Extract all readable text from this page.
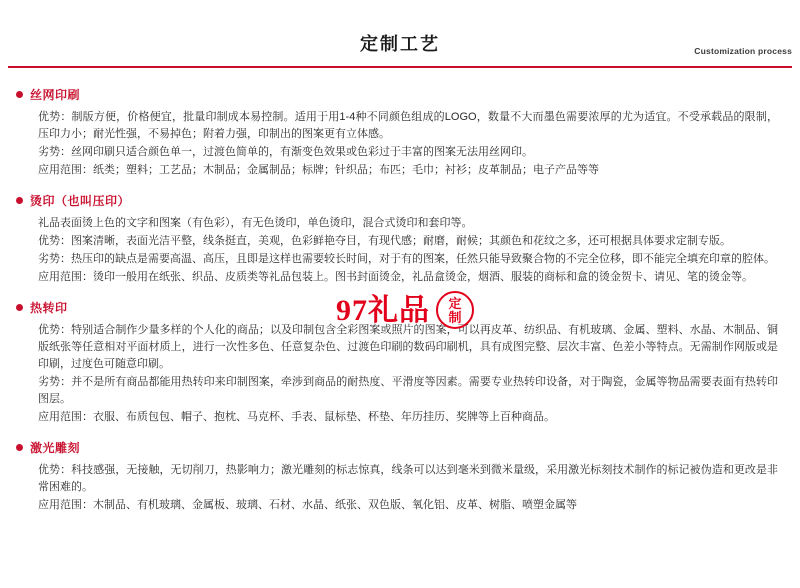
定制工艺	Customization process
丝网印刷

优势：制版方便，价格便宜，批量印制成本易控制。适用于用1-4种不同颜色组成的LOGO，数量不大而墨色需要浓厚的尤为适宜。不受承载品的限制，压印力小；耐光性强，不易掉色；附着力强，印制出的图案更有立体感。

劣势：丝网印刷只适合颜色单一，过渡色简单的，有渐变色效果或色彩过于丰富的图案无法用丝网印。

应用范围：纸类；塑料；工艺品；木制品；金属制品；标牌；针织品；布匹；毛巾；衬衫；皮革制品；电子产品等等

烫印（也叫压印）

礼品表面烫上色的文字和图案（有色彩），有无色烫印，单色烫印，混合式烫印和套印等。

优势：图案清晰，表面光洁平整，线条挺直，美观，色彩鲜艳夺目，有现代感；耐磨，耐候；其颜色和花纹之多，还可根据具体要求定制专版。

劣势：热压印的缺点是需要高温、高压，且即是这样也需要较长时间，对于有的图案，任然只能导致聚合物的不完全位移，即不能完全填充印章的腔体。

应用范围：烫印一般用在纸张、织品、皮质类等礼品包装上。图书封面烫金，礼品盒烫金，烟酒、服装的商标和盒的烫金贺卡、请见、笔的烫金等。

热转印

优势：特别适合制作少量多样的个人化的商品；以及印制包含全彩图案或照片的图案，可以再皮革、纺织品、有机玻璃、金属、塑料、水晶、木制品、铜版纸张等任意相对平面材质上，进行一次性多色、任意复杂色、过渡色印刷的数码印刷机，具有成图完整、层次丰富、色差小等特点。无需制作网版或是印刷，过度色可随意印刷。

劣势：并不是所有商品都能用热转印来印制图案，牵涉到商品的耐热度、平滑度等因素。需要专业热转印设备，对于陶瓷，金属等物品需要表面有热转印图层。

应用范围：衣服、布质包包、帽子、抱枕、马克杯、手表、鼠标垫、杯垫、年历挂历、奖牌等上百种商品。

激光雕刻

优势：科技感强，无接触，无切削刀，热影响力；激光雕刻的标志惊真，线条可以达到毫米到微米量级，采用激光标刻技术制作的标记被伪造和更改是非常困难的。

应用范围：木制品、有机玻璃、金属板、玻璃、石材、水晶、纸张、双色版、氧化铝、皮革、树脂、喷塑金属等

97礼品	定
制
